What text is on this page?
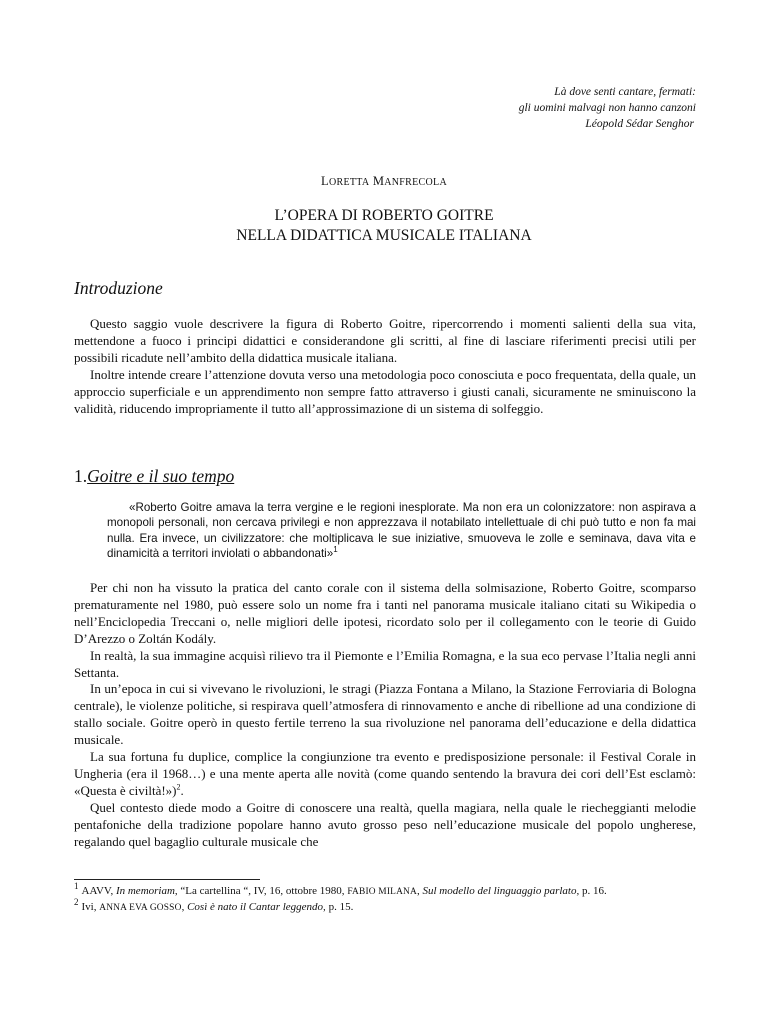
Là dove senti cantare, fermati:
gli uomini malvagi non hanno canzoni
Léopold Sédar Senghor
LORETTA MANFRECOLA
L’OPERA DI ROBERTO GOITRE
NELLA DIDATTICA MUSICALE ITALIANA
Introduzione

Questo saggio vuole descrivere la figura di Roberto Goitre, ripercorrendo i momenti salienti della sua vita, mettendone a fuoco i principi didattici e considerandone gli scritti, al fine di lasciare riferimenti precisi utili per possibili ricadute nell’ambito della didattica musicale italiana.

Inoltre intende creare l’attenzione dovuta verso una metodologia poco conosciuta e poco frequentata, della quale, un approccio superficiale e un apprendimento non sempre fatto attraverso i giusti canali, sicuramente ne sminuiscono la validità, riducendo impropriamente il tutto all’approssimazione di un sistema di solfeggio.

1.Goitre e il suo tempo

«Roberto Goitre amava la terra vergine e le regioni inesplorate. Ma non era un colonizzatore: non aspirava a monopoli personali, non cercava privilegi e non apprezzava il notabilato intellettuale di chi può tutto e non fa mai nulla. Era invece, un civilizzatore: che moltiplicava le sue iniziative, smuoveva le zolle e seminava, dava vita e dinamicità a territori inviolati o abbandonati»$^1$

Per chi non ha vissuto la pratica del canto corale con il sistema della solmisazione, Roberto Goitre, scomparso prematuramente nel 1980, può essere solo un nome fra i tanti nel panorama musicale italiano citati su Wikipedia o nell’Enciclopedia Treccani o, nelle migliori delle ipotesi, ricordato solo per il collegamento con le teorie di Guido D’Arezzo o Zoltán Kodály.

In realtà, la sua immagine acquisì rilievo tra il Piemonte e l’Emilia Romagna, e la sua eco pervase l’Italia negli anni Settanta.

In un’epoca in cui si vivevano le rivoluzioni, le stragi (Piazza Fontana a Milano, la Stazione Ferroviaria di Bologna centrale), le violenze politiche, si respirava quell’atmosfera di rinnovamento e anche di ribellione ad una condizione di stallo sociale. Goitre operò in questo fertile terreno la sua rivoluzione nel panorama dell’educazione e della didattica musicale.

La sua fortuna fu duplice, complice la congiunzione tra evento e predisposizione personale: il Festival Corale in Ungheria (era il 1968…) e una mente aperta alle novità (come quando sentendo la bravura dei cori dell’Est esclamò: «Questa è civiltà!»)$^2$.

Quel contesto diede modo a Goitre di conoscere una realtà, quella magiara, nella quale le riecheggianti melodie pentafoniche della tradizione popolare hanno avuto grosso peso nell’educazione musicale del popolo ungherese, regalando quel bagaglio culturale musicale che

$^1$ AAVV, In memoriam, “La cartellina “, IV, 16, ottobre 1980, FABIO MILANA, Sul modello del linguaggio parlato, p. 16.

$^2$ Ivi, ANNA EVA GOSSO, Così è nato il Cantar leggendo, p. 15.
